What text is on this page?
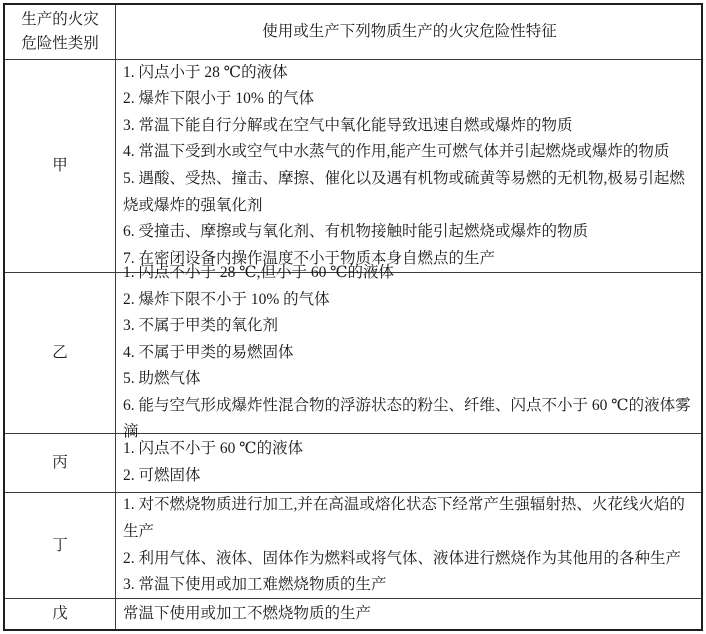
生产的火灾
危险性类别
使用或生产下列物质生产的火灾危险性特征
甲
1. 闪点小于 28 ℃的液体
2. 爆炸下限小于 10% 的气体
3. 常温下能自行分解或在空气中氧化能导致迅速自燃或爆炸的物质
4. 常温下受到水或空气中水蒸气的作用,能产生可燃气体并引起燃烧或爆炸的物质
5. 遇酸、受热、撞击、摩擦、催化以及遇有机物或硫黄等易燃的无机物,极易引起燃烧或爆炸的强氧化剂
6. 受撞击、摩擦或与氧化剂、有机物接触时能引起燃烧或爆炸的物质
7. 在密闭设备内操作温度不小于物质本身自燃点的生产
乙
1. 闪点不小于 28 ℃,但小于 60 ℃的液体
2. 爆炸下限不小于 10% 的气体
3. 不属于甲类的氧化剂
4. 不属于甲类的易燃固体
5. 助燃气体
6. 能与空气形成爆炸性混合物的浮游状态的粉尘、纤维、闪点不小于 60 ℃的液体雾滴
丙
1. 闪点不小于 60 ℃的液体
2. 可燃固体
丁
1. 对不燃烧物质进行加工,并在高温或熔化状态下经常产生强辐射热、火花线火焰的生产
2. 利用气体、液体、固体作为燃料或将气体、液体进行燃烧作为其他用的各种生产
3. 常温下使用或加工难燃烧物质的生产
戊	常温下使用或加工不燃烧物质的生产
